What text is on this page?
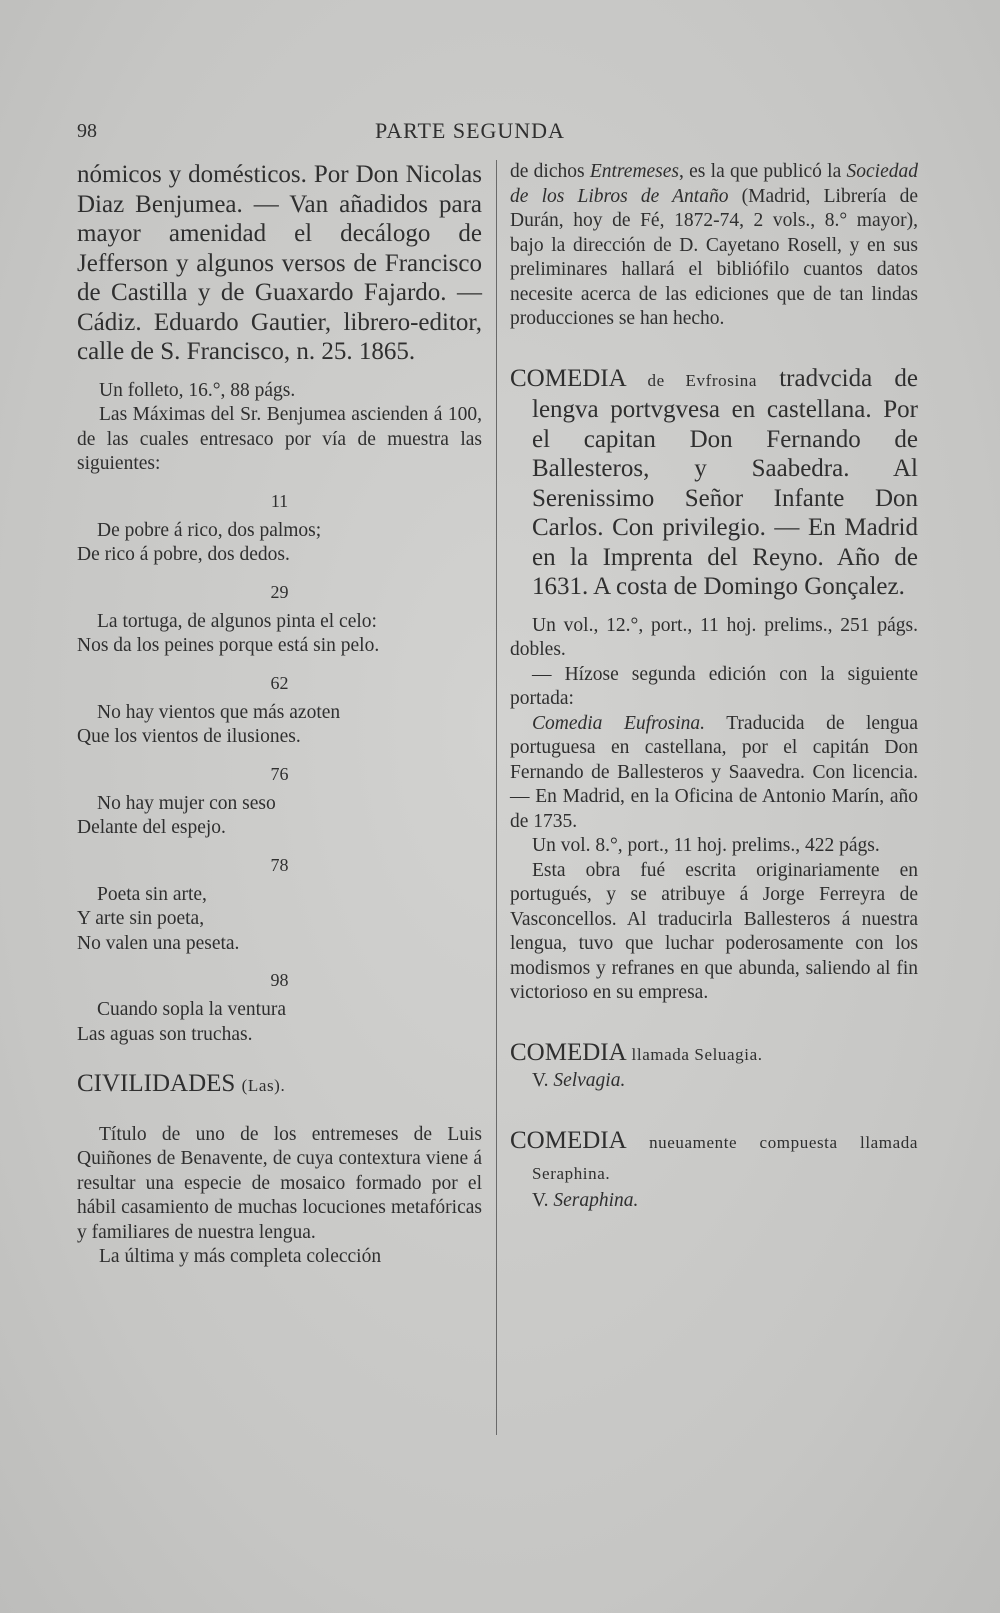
98	PARTE SEGUNDA

nómicos y domésticos. Por Don Nicolas Diaz Benjumea. — Van añadidos para mayor amenidad el decálogo de Jefferson y algunos versos de Francisco de Castilla y de Guaxardo Fajardo. — Cádiz. Eduardo Gautier, librero-editor, calle de S. Francisco, n. 25. 1865.

Un folleto, 16.°, 88 págs.

Las Máximas del Sr. Benjumea ascienden á 100, de las cuales entresaco por vía de muestra las siguientes:

11
De pobre á rico, dos palmos;
De rico á pobre, dos dedos.
29
La tortuga, de algunos pinta el celo:
Nos da los peines porque está sin pelo.
62
No hay vientos que más azoten
Que los vientos de ilusiones.
76
No hay mujer con seso
Delante del espejo.
78
Poeta sin arte,
Y arte sin poeta,
No valen una peseta.
98
Cuando sopla la ventura
Las aguas son truchas.
CIVILIDADES (Las).

Título de uno de los entremeses de Luis Quiñones de Benavente, de cuya contextura viene á resultar una especie de mosaico formado por el hábil casamiento de muchas locuciones metafóricas y familiares de nuestra lengua.

La última y más completa colección

de dichos Entremeses, es la que publicó la Sociedad de los Libros de Antaño (Madrid, Librería de Durán, hoy de Fé, 1872-74, 2 vols., 8.° mayor), bajo la dirección de D. Cayetano Rosell, y en sus preliminares hallará el bibliófilo cuantos datos necesite acerca de las ediciones que de tan lindas producciones se han hecho.

COMEDIA de Evfrosina tradvcida de lengva portvgvesa en castellana. Por el capitan Don Fernando de Ballesteros, y Saabedra. Al Serenissimo Señor Infante Don Carlos. Con privilegio. — En Madrid en la Imprenta del Reyno. Año de 1631. A costa de Domingo Gonçalez.

Un vol., 12.°, port., 11 hoj. prelims., 251 págs. dobles.

— Hízose segunda edición con la siguiente portada:

Comedia Eufrosina. Traducida de lengua portuguesa en castellana, por el capitán Don Fernando de Ballesteros y Saavedra. Con licencia. — En Madrid, en la Oficina de Antonio Marín, año de 1735.

Un vol. 8.°, port., 11 hoj. prelims., 422 págs.

Esta obra fué escrita originariamente en portugués, y se atribuye á Jorge Ferreyra de Vasconcellos. Al traducirla Ballesteros á nuestra lengua, tuvo que luchar poderosamente con los modismos y refranes en que abunda, saliendo al fin victorioso en su empresa.

COMEDIA llamada Seluagia.

V. Selvagia.

COMEDIA nueuamente compuesta llamada Seraphina.

V. Seraphina.
